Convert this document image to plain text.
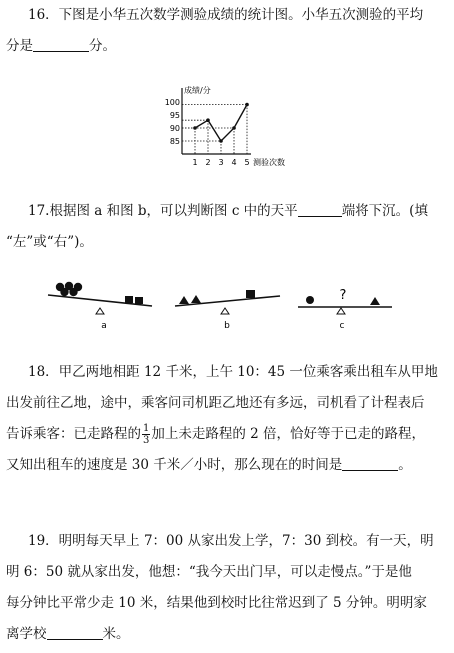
16．下图是小华五次数学测验成绩的统计图。小华五次测验的平均
分是	分。
成绩/分
测验次数
100
95
90
85
1 2 3 4 5
17.根据图 a 和图 b，可以判断图 c 中的天平	端将下沉。(填
“左”或“右”)。
a	b
?
c
18．甲乙两地相距 12 千米，上午 10：45 一位乘客乘出租车从甲地
出发前往乙地，途中，乘客问司机距乙地还有多远，司机看了计程表后
告诉乘客：已走路程的 $\frac{1}{3}$ 加上未走路程的 2 倍，恰好等于已走的路程，
又知出租车的速度是 30 千米／小时，那么现在的时间是	。
19．明明每天早上 7：00 从家出发上学，7：30 到校。有一天，明
明 6：50 就从家出发，他想：“我今天出门早，可以走慢点。”于是他
每分钟比平常少走 10 米，结果他到校时比往常迟到了 5 分钟。明明家
离学校	米。
